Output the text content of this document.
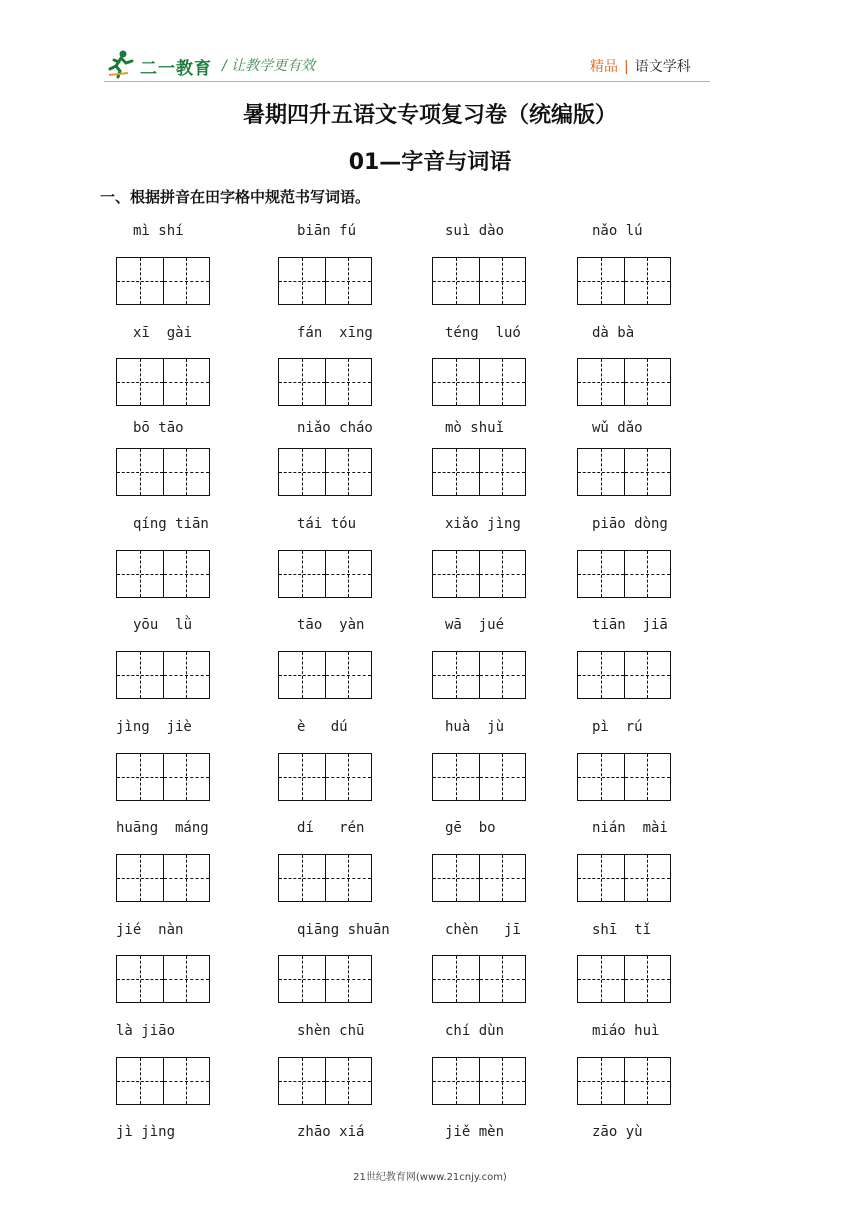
二一教育 / 让教学更有效	精品 | 语文学科
暑期四升五语文专项复习卷（统编版）
01—字音与词语
一、根据拼音在田字格中规范书写词语。
mì shí	biān fú	suì dào	nǎo lú
xī  gài	fán  xīng	téng  luó	dà bà
bō tāo	niǎo cháo	mò shuǐ	wǔ dǎo
qíng tiān	tái tóu	xiǎo jìng	piāo dòng
yōu  lǜ	tāo  yàn	wā  jué	tiān  jiā
jìng  jiè	è   dú	huà  jù	pì  rú
huāng  máng	dí   rén	gē  bo	nián  mài
jié  nàn	qiāng shuān	chèn   jī	shī  tǐ
là jiāo	shèn chū	chí dùn	miáo huì
jì jìng	zhāo xiá	jiě mèn	zāo yù
21世纪教育网(www.21cnjy.com)
